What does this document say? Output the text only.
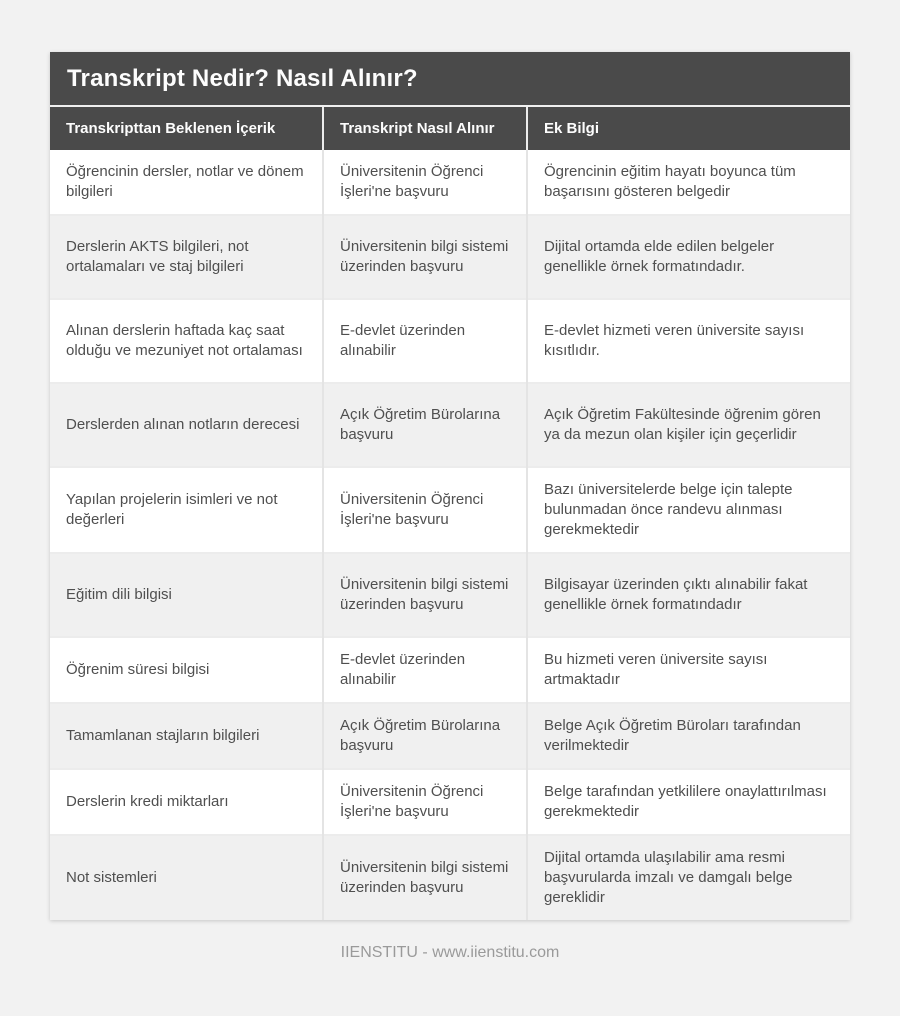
Transkript Nedir? Nasıl Alınır?
Transkripttan Beklenen İçerik	Transkript Nasıl Alınır	Ek Bilgi
Öğrencinin dersler, notlar ve dönem bilgileri	Üniversitenin Öğrenci İşleri'ne başvuru	Ögrencinin eğitim hayatı boyunca tüm başarısını gösteren belgedir
Derslerin AKTS bilgileri, not ortalamaları ve staj bilgileri	Üniversitenin bilgi sistemi üzerinden başvuru	Dijital ortamda elde edilen belgeler genellikle örnek formatındadır.
Alınan derslerin haftada kaç saat olduğu ve mezuniyet not ortalaması	E-devlet üzerinden alınabilir	E-devlet hizmeti veren üniversite sayısı kısıtlıdır.
Derslerden alınan notların derecesi	Açık Öğretim Bürolarına başvuru	Açık Öğretim Fakültesinde öğrenim gören ya da mezun olan kişiler için geçerlidir
Yapılan projelerin isimleri ve not değerleri	Üniversitenin Öğrenci İşleri'ne başvuru	Bazı üniversitelerde belge için talepte bulunmadan önce randevu alınması gerekmektedir
Eğitim dili bilgisi	Üniversitenin bilgi sistemi üzerinden başvuru	Bilgisayar üzerinden çıktı alınabilir fakat genellikle örnek formatındadır
Öğrenim süresi bilgisi	E-devlet üzerinden alınabilir	Bu hizmeti veren üniversite sayısı artmaktadır
Tamamlanan stajların bilgileri	Açık Öğretim Bürolarına başvuru	Belge Açık Öğretim Büroları tarafından verilmektedir
Derslerin kredi miktarları	Üniversitenin Öğrenci İşleri'ne başvuru	Belge tarafından yetkililere onaylattırılması gerekmektedir
Not sistemleri	Üniversitenin bilgi sistemi üzerinden başvuru	Dijital ortamda ulaşılabilir ama resmi başvurularda imzalı ve damgalı belge gereklidir
IIENSTITU - www.iienstitu.com
